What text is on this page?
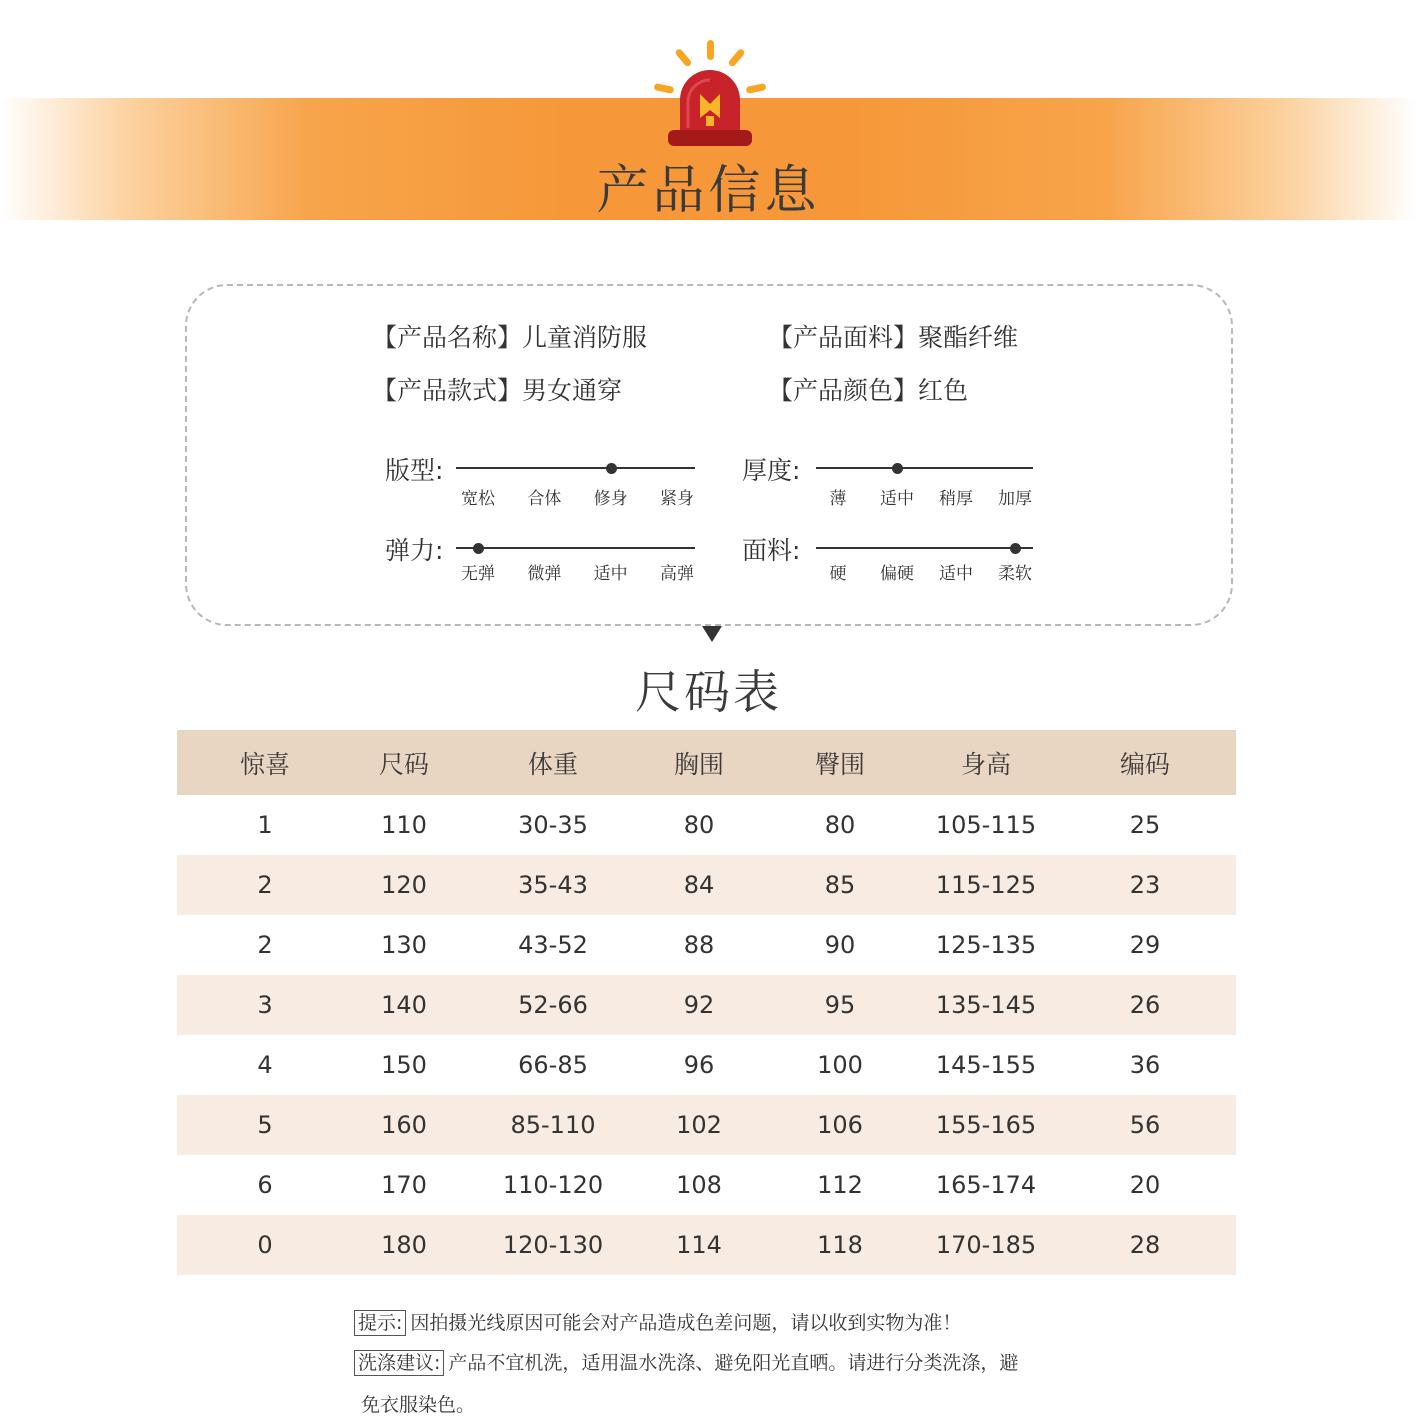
产品信息
【产品名称】儿童消防服	【产品面料】聚酯纤维
【产品款式】男女通穿	【产品颜色】红色
版型:
宽松 合体 修身 紧身
厚度:
薄 适中 稍厚 加厚
弹力:
无弹 微弹 适中 高弹
面料:
硬 偏硬 适中 柔软
尺码表
惊喜	尺码	体重	胸围	臀围	身高	编码
1	110	30-35	80	80	105-115	25
2	120	35-43	84	85	115-125	23
2	130	43-52	88	90	125-135	29
3	140	52-66	92	95	135-145	26
4	150	66-85	96	100	145-155	36
5	160	85-110	102	106	155-165	56
6	170	110-120	108	112	165-174	20
0	180	120-130	114	118	170-185	28
提示: 因拍摄光线原因可能会对产品造成色差问题，请以收到实物为准！
洗涤建议: 产品不宜机洗，适用温水洗涤、避免阳光直晒。请进行分类洗涤，避
免衣服染色。
